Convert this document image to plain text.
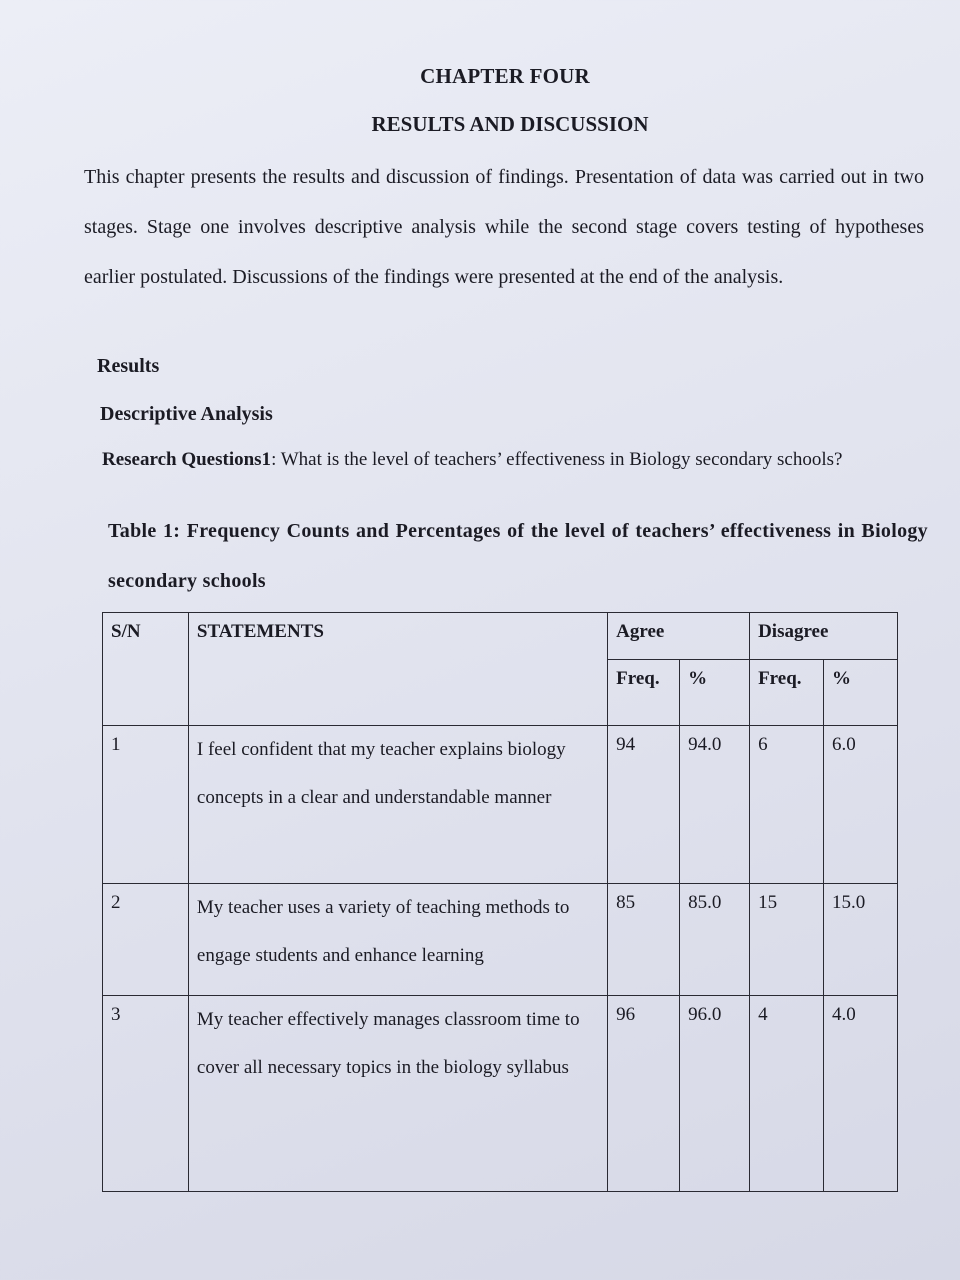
CHAPTER FOUR
RESULTS AND DISCUSSION
This chapter presents the results and discussion of findings. Presentation of data was carried out in two stages. Stage one involves descriptive analysis while the second stage covers testing of hypotheses earlier postulated. Discussions of the findings were presented at the end of the analysis.
Results
Descriptive Analysis
Research Questions1: What is the level of teachers’ effectiveness in Biology secondary schools?
Table 1: Frequency Counts and Percentages of the level of teachers’ effectiveness in Biology secondary schools
S/N	STATEMENTS	Agree		Disagree	
		Freq.	%	Freq.	%
1	I feel confident that my teacher explains biology concepts in a clear and understandable manner	94	94.0	6	6.0
2	My teacher uses a variety of teaching methods to engage students and enhance learning	85	85.0	15	15.0
3	My teacher effectively manages classroom time to cover all necessary topics in the biology syllabus	96	96.0	4	4.0
